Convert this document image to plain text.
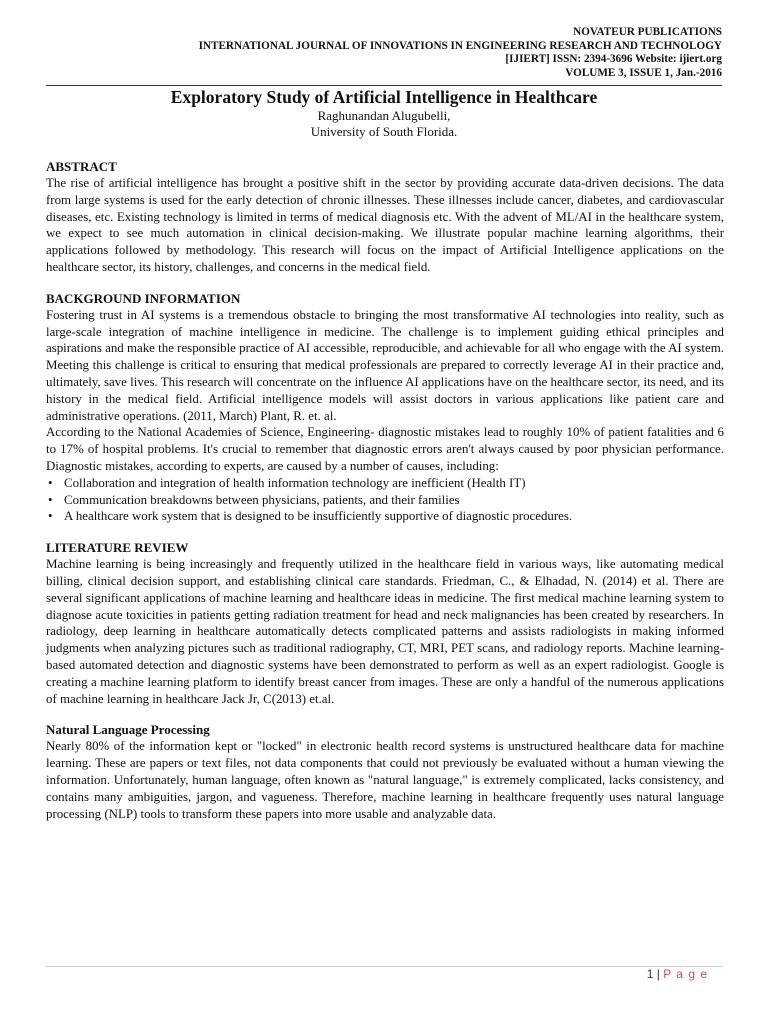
NOVATEUR PUBLICATIONS
INTERNATIONAL JOURNAL OF INNOVATIONS IN ENGINEERING RESEARCH AND TECHNOLOGY
[IJIERT] ISSN: 2394-3696 Website: ijiert.org
VOLUME 3, ISSUE 1, Jan.-2016
Exploratory Study of Artificial Intelligence in Healthcare
Raghunandan Alugubelli,
University of South Florida.
ABSTRACT

The rise of artificial intelligence has brought a positive shift in the sector by providing accurate data-driven decisions. The data from large systems is used for the early detection of chronic illnesses. These illnesses include cancer, diabetes, and cardiovascular diseases, etc. Existing technology is limited in terms of medical diagnosis etc. With the advent of ML/AI in the healthcare system, we expect to see much automation in clinical decision-making. We illustrate popular machine learning algorithms, their applications followed by methodology. This research will focus on the impact of Artificial Intelligence applications on the healthcare sector, its history, challenges, and concerns in the medical field.

BACKGROUND INFORMATION

Fostering trust in AI systems is a tremendous obstacle to bringing the most transformative AI technologies into reality, such as large-scale integration of machine intelligence in medicine. The challenge is to implement guiding ethical principles and aspirations and make the responsible practice of AI accessible, reproducible, and achievable for all who engage with the AI system. Meeting this challenge is critical to ensuring that medical professionals are prepared to correctly leverage AI in their practice and, ultimately, save lives. This research will concentrate on the influence AI applications have on the healthcare sector, its need, and its history in the medical field. Artificial intelligence models will assist doctors in various applications like patient care and administrative operations. (2011, March) Plant, R. et. al.

According to the National Academies of Science, Engineering- diagnostic mistakes lead to roughly 10% of patient fatalities and 6 to 17% of hospital problems. It's crucial to remember that diagnostic errors aren't always caused by poor physician performance. Diagnostic mistakes, according to experts, are caused by a number of causes, including:

• Collaboration and integration of health information technology are inefficient (Health IT)
• Communication breakdowns between physicians, patients, and their families
• A healthcare work system that is designed to be insufficiently supportive of diagnostic procedures.
LITERATURE REVIEW

Machine learning is being increasingly and frequently utilized in the healthcare field in various ways, like automating medical billing, clinical decision support, and establishing clinical care standards. Friedman, C., & Elhadad, N. (2014) et al. There are several significant applications of machine learning and healthcare ideas in medicine. The first medical machine learning system to diagnose acute toxicities in patients getting radiation treatment for head and neck malignancies has been created by researchers. In radiology, deep learning in healthcare automatically detects complicated patterns and assists radiologists in making informed judgments when analyzing pictures such as traditional radiography, CT, MRI, PET scans, and radiology reports. Machine learning-based automated detection and diagnostic systems have been demonstrated to perform as well as an expert radiologist. Google is creating a machine learning platform to identify breast cancer from images. These are only a handful of the numerous applications of machine learning in healthcare Jack Jr, C(2013) et.al.

Natural Language Processing

Nearly 80% of the information kept or "locked" in electronic health record systems is unstructured healthcare data for machine learning. These are papers or text files, not data components that could not previously be evaluated without a human viewing the information. Unfortunately, human language, often known as "natural language," is extremely complicated, lacks consistency, and contains many ambiguities, jargon, and vagueness. Therefore, machine learning in healthcare frequently uses natural language processing (NLP) tools to transform these papers into more usable and analyzable data.

1 | P a g e
